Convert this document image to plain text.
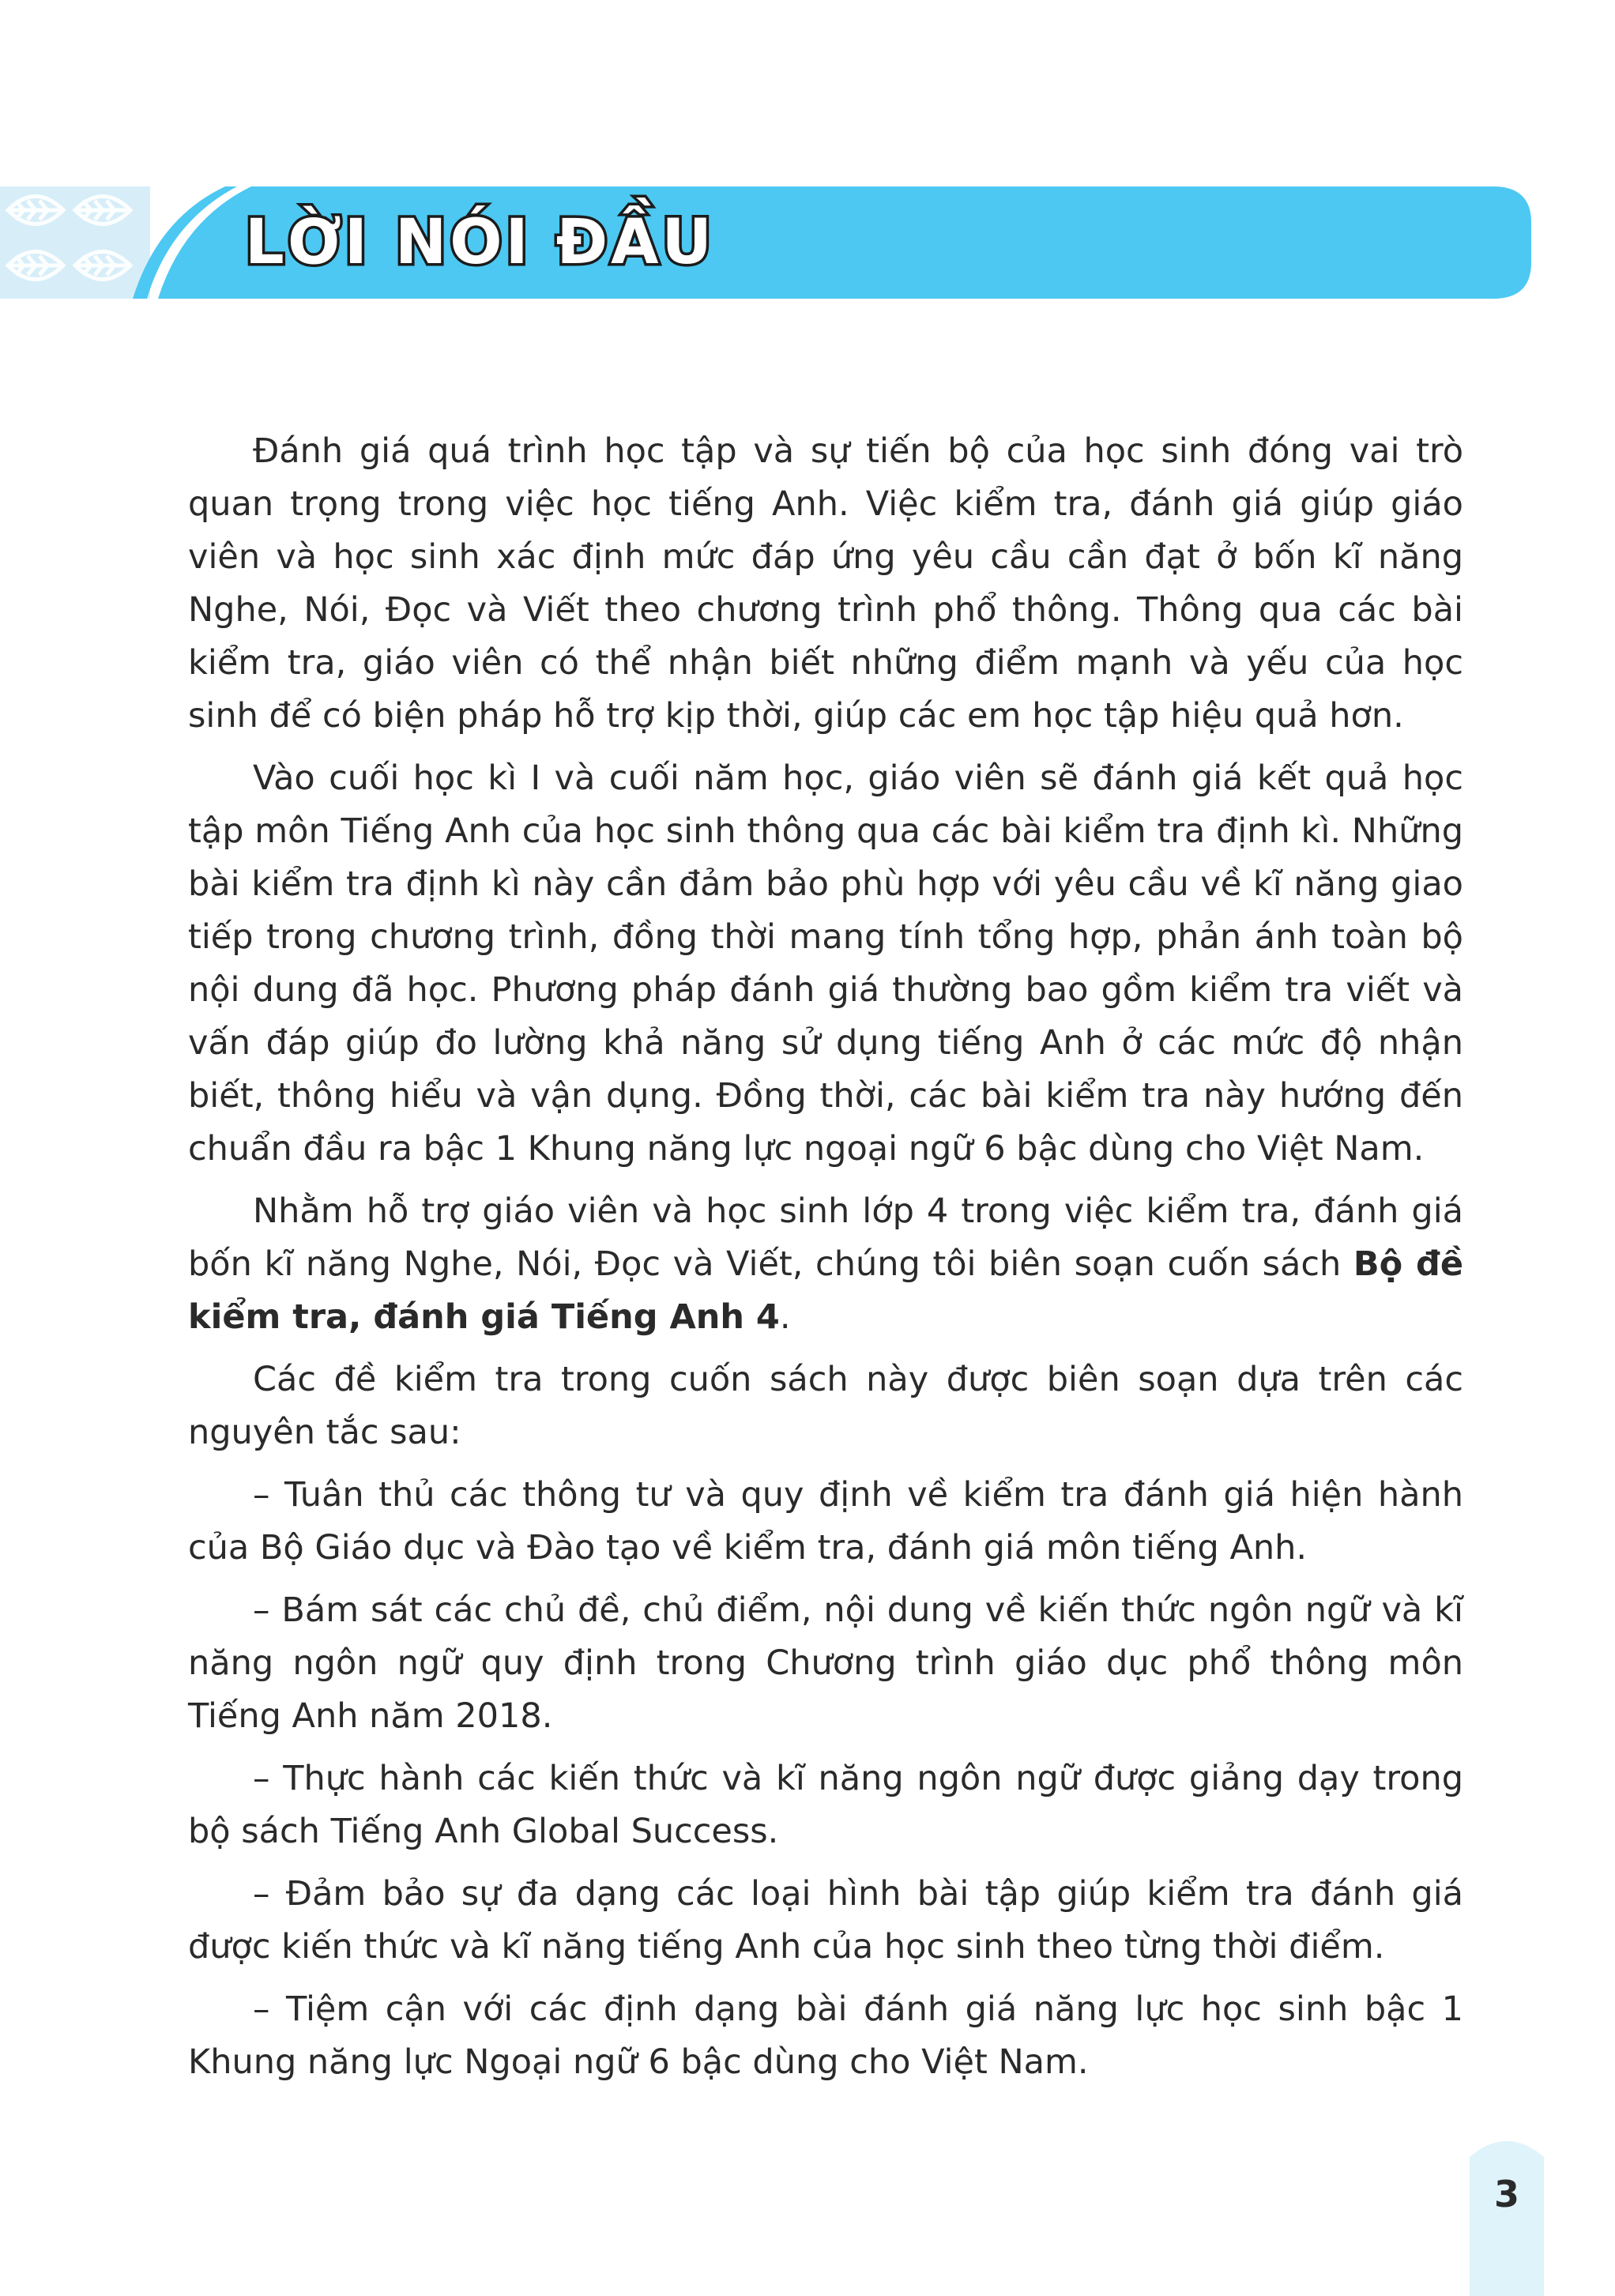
LỜI NÓI ĐẦU

Đánh giá quá trình học tập và sự tiến bộ của học sinh đóng vai trò quan trọng trong việc học tiếng Anh. Việc kiểm tra, đánh giá giúp giáo viên và học sinh xác định mức đáp ứng yêu cầu cần đạt ở bốn kĩ năng Nghe, Nói, Đọc và Viết theo chương trình phổ thông. Thông qua các bài kiểm tra, giáo viên có thể nhận biết những điểm mạnh và yếu của học sinh để có biện pháp hỗ trợ kịp thời, giúp các em học tập hiệu quả hơn.

Vào cuối học kì I và cuối năm học, giáo viên sẽ đánh giá kết quả học tập môn Tiếng Anh của học sinh thông qua các bài kiểm tra định kì. Những bài kiểm tra định kì này cần đảm bảo phù hợp với yêu cầu về kĩ năng giao tiếp trong chương trình, đồng thời mang tính tổng hợp, phản ánh toàn bộ nội dung đã học. Phương pháp đánh giá thường bao gồm kiểm tra viết và vấn đáp giúp đo lường khả năng sử dụng tiếng Anh ở các mức độ nhận biết, thông hiểu và vận dụng. Đồng thời, các bài kiểm tra này hướng đến chuẩn đầu ra bậc 1 Khung năng lực ngoại ngữ 6 bậc dùng cho Việt Nam.

Nhằm hỗ trợ giáo viên và học sinh lớp 4 trong việc kiểm tra, đánh giá bốn kĩ năng Nghe, Nói, Đọc và Viết, chúng tôi biên soạn cuốn sách Bộ đề kiểm tra, đánh giá Tiếng Anh 4.

Các đề kiểm tra trong cuốn sách này được biên soạn dựa trên các nguyên tắc sau:

– Tuân thủ các thông tư và quy định về kiểm tra đánh giá hiện hành của Bộ Giáo dục và Đào tạo về kiểm tra, đánh giá môn tiếng Anh.

– Bám sát các chủ đề, chủ điểm, nội dung về kiến thức ngôn ngữ và kĩ năng ngôn ngữ quy định trong Chương trình giáo dục phổ thông môn Tiếng Anh năm 2018.

– Thực hành các kiến thức và kĩ năng ngôn ngữ được giảng dạy trong bộ sách Tiếng Anh Global Success.

– Đảm bảo sự đa dạng các loại hình bài tập giúp kiểm tra đánh giá được kiến thức và kĩ năng tiếng Anh của học sinh theo từng thời điểm.

– Tiệm cận với các định dạng bài đánh giá năng lực học sinh bậc 1 Khung năng lực Ngoại ngữ 6 bậc dùng cho Việt Nam.

3
